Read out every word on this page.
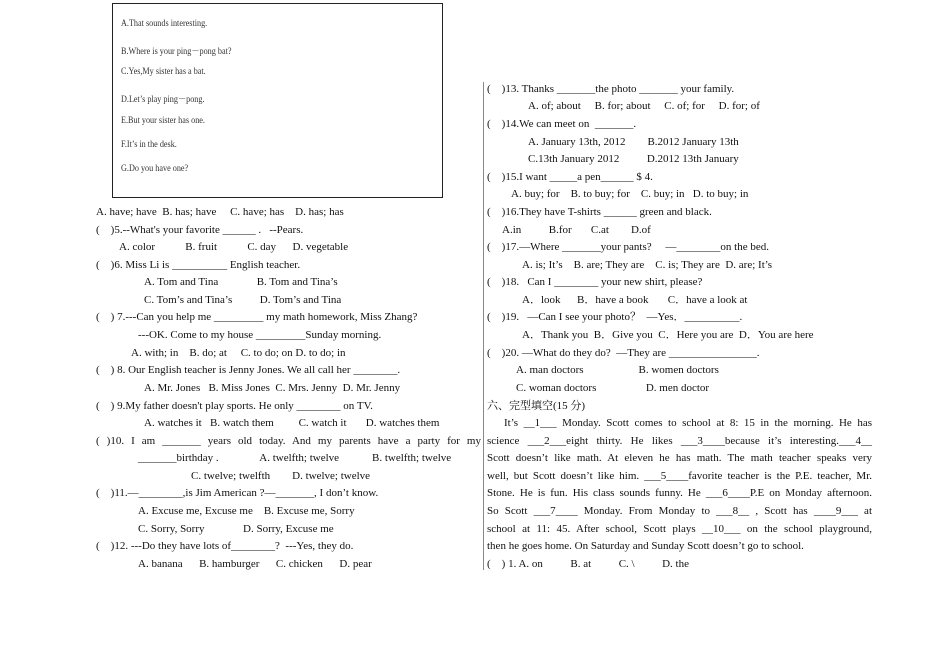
A.That sounds interesting.
B.Where is your ping－pong bat?
C.Yes,My sister has a bat.
D.Let’s play ping－pong.
E.But your sister has one.
F.It’s in the desk.
G.Do you have one?
A. have; have  B. has; have     C. have; has    D. has; has
(    )5.--What's your favorite ______ .   --Pears.
A. color           B. fruit           C. day      D. vegetable
(    )6. Miss Li is __________ English teacher.
A. Tom and Tina              B. Tom and Tina’s
C. Tom’s and Tina’s          D. Tom’s and Tina
(    ) 7.---Can you help me _________ my math homework, Miss Zhang?
---OK. Come to my house _________Sunday morning.
A. with; in    B. do; at     C. to do; on D. to do; in
(    ) 8. Our English teacher is Jenny Jones. We all call her ________.
A. Mr. Jones   B. Miss Jones  C. Mrs. Jenny  D. Mr. Jenny
(    ) 9.My father doesn't play sports. He only ________ on TV.
A. watches it   B. watch them         C. watch it       D. watches them
( )10. I am _______ years old today. And my parents have a party for my
_______birthday .               A. twelfth; twelve            B. twelfth; twelve
C. twelve; twelfth        D. twelve; twelve
(    )11.—________,is Jim American ?—_______, I don’t know.
A. Excuse me, Excuse me    B. Excuse me, Sorry
C. Sorry, Sorry              D. Sorry, Excuse me
(    )12. ---Do they have lots of________?  ---Yes, they do.
A. banana      B. hamburger      C. chicken      D. pear
(    )13. Thanks _______the photo _______ your family.
A. of; about     B. for; about     C. of; for     D. for; of
(    )14.We can meet on  _______.
A. January 13th, 2012        B.2012 January 13th
C.13th January 2012          D.2012 13th January
(    )15.I want _____a pen______ $ 4.
A. buy; for    B. to buy; for    C. buy; in   D. to buy; in
(    )16.They have T-shirts ______ green and black.
A.in          B.for       C.at        D.of
(    )17.—Where _______your pants?     —________on the bed.
A. is; It’s    B. are; They are    C. is; They are  D. are; It’s
(    )18.   Can I ________ your new shirt, please?
A．look      B．have a book       C．have a look at
(    )19.   —Can I see your photo？  —Yes．__________.
A．Thank you  B．Give you  C．Here you are  D．You are here
(    )20. —What do they do?  —They are ________________.
A. man doctors                    B. women doctors
C. woman doctors                  D. men doctor
六、完型填空(15 分)
It’s __1___ Monday. Scott comes to school at 8: 15 in the morning. He has
science ___2___eight thirty. He likes ___3____because it’s interesting.___4__
Scott doesn’t like math. At eleven he has math. The math teacher speaks very
well, but Scott doesn’t like him. ___5____favorite teacher is the P.E. teacher, Mr.
Stone. He is fun. His class sounds funny. He ___6____P.E on Monday afternoon.
So Scott ___7____ Monday. From Monday to ___8__ , Scott has ____9___ at
school at 11: 45. After school, Scott plays __10___ on the school playground,
then he goes home. On Saturday and Sunday Scott doesn’t go to school.
(    ) 1. A. on          B. at          C. \          D. the
